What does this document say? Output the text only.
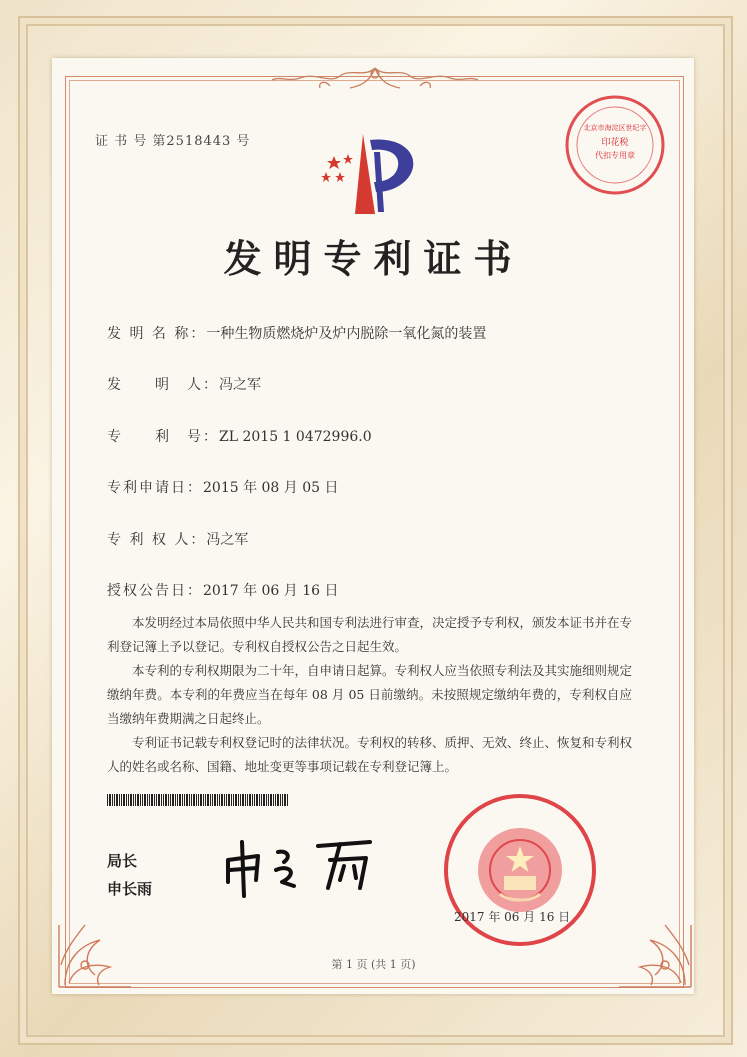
证 书 号 第2518443 号
北京市海淀区世纪字
印花税
代扣专用章
发明专利证书
发 明 名 称：一种生物质燃烧炉及炉内脱除一氧化氮的装置
发　　明　人：冯之军
专　　利　号：ZL 2015 1 0472996.0
专利申请日：2015 年 08 月 05 日
专 利 权 人：冯之军
授权公告日：2017 年 06 月 16 日

本发明经过本局依照中华人民共和国专利法进行审查，决定授予专利权，颁发本证书并在专利登记簿上予以登记。专利权自授权公告之日起生效。

本专利的专利权期限为二十年，自申请日起算。专利权人应当依照专利法及其实施细则规定缴纳年费。本专利的年费应当在每年 08 月 05 日前缴纳。未按照规定缴纳年费的，专利权自应当缴纳年费期满之日起终止。

专利证书记载专利权登记时的法律状况。专利权的转移、质押、无效、终止、恢复和专利权人的姓名或名称、国籍、地址变更等事项记载在专利登记簿上。

局长
申长雨
2017 年 06 月 16 日
第 1 页 (共 1 页)
